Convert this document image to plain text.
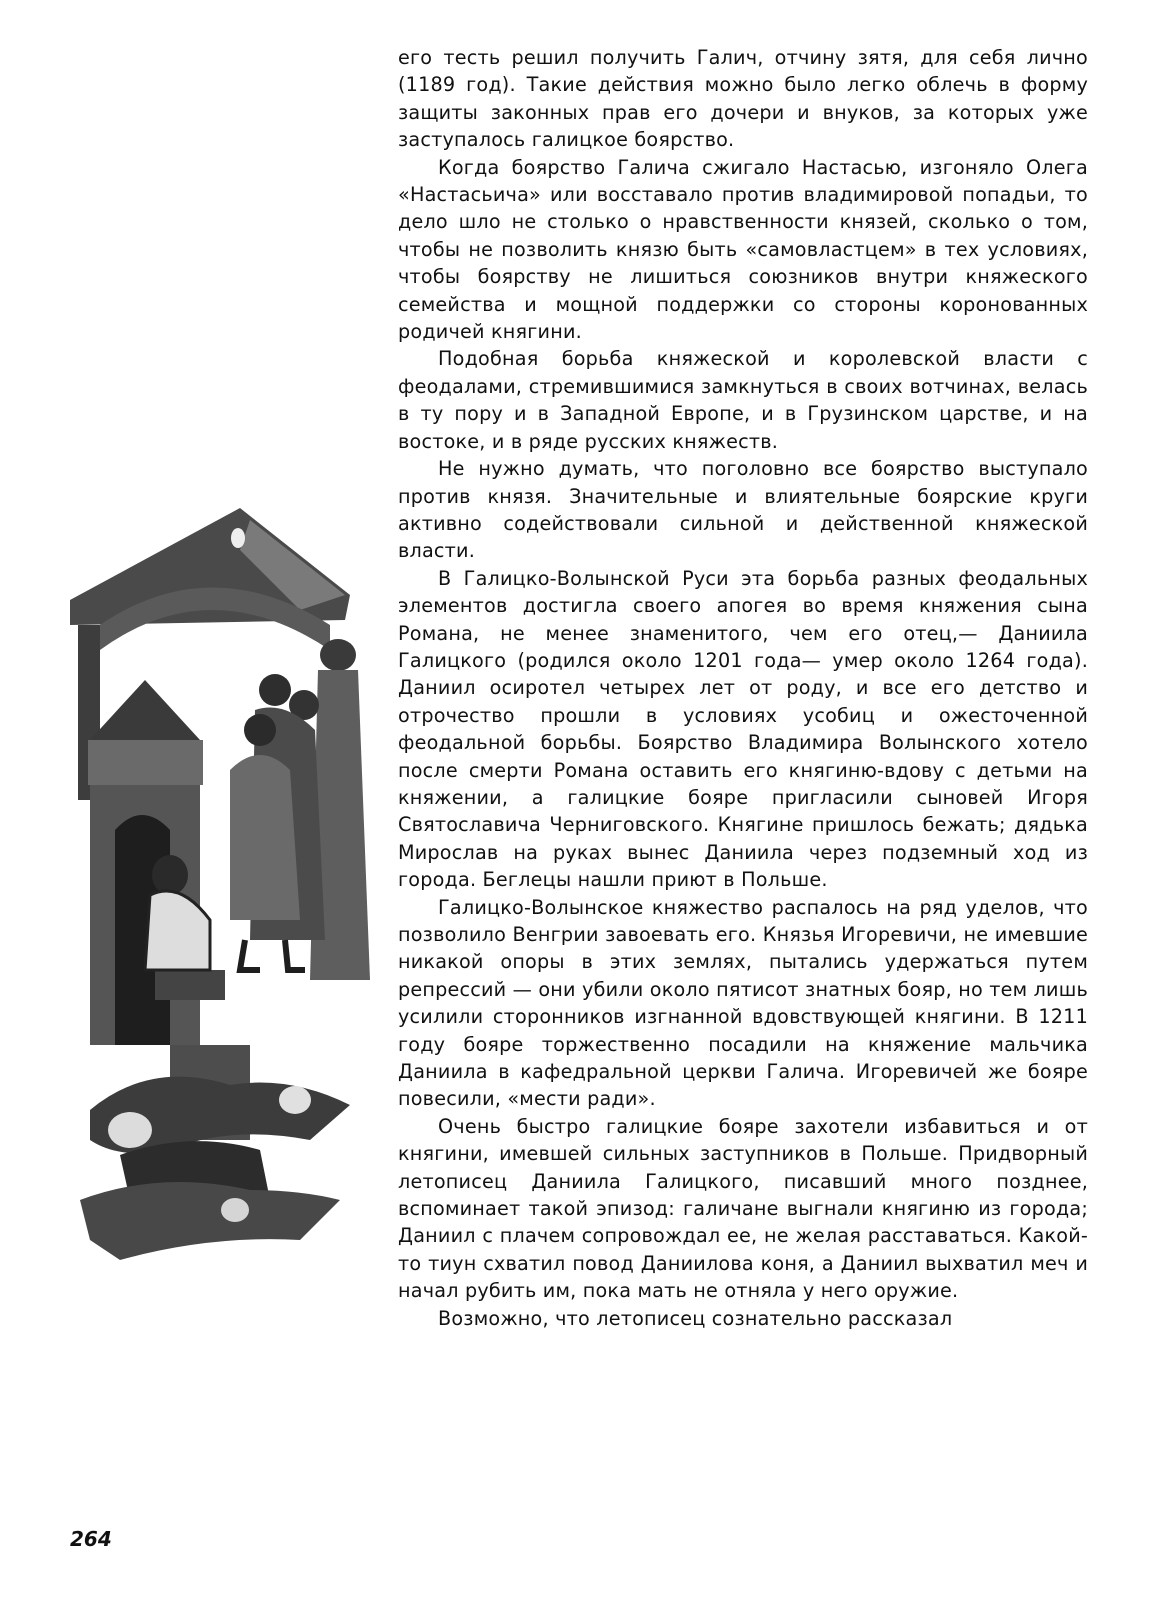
его тесть решил получить Галич, отчину зятя, для себя лично (1189 год). Такие действия можно было легко облечь в форму защиты законных прав его дочери и внуков, за которых уже заступалось галицкое боярство.

Когда боярство Галича сжигало Настасью, изгоняло Олега «Настасьича» или восставало против владимировой попадьи, то дело шло не столько о нравственности князей, сколько о том, чтобы не позволить князю быть «самовластцем» в тех условиях, чтобы боярству не лишиться союзников внутри княжеского семейства и мощной поддержки со стороны коронованных родичей княгини.

Подобная борьба княжеской и королевской власти с феодалами, стремившимися замкнуться в своих вотчинах, велась в ту пору и в Западной Европе, и в Грузинском царстве, и на востоке, и в ряде русских княжеств.

Не нужно думать, что поголовно все боярство выступало против князя. Значительные и влиятельные боярские круги активно содействовали сильной и действенной княжеской власти.

В Галицко-Волынской Руси эта борьба разных феодальных элементов достигла своего апогея во время княжения сына Романа, не менее знаменитого, чем его отец,— Даниила Галицкого (родился около 1201 года— умер около 1264 года). Даниил осиротел четырех лет от роду, и все его детство и отрочество прошли в условиях усобиц и ожесточенной феодальной борьбы. Боярство Владимира Волынского хотело после смерти Романа оставить его княгиню-вдову с детьми на княжении, а галицкие бояре пригласили сыновей Игоря Святославича Черниговского. Княгине пришлось бежать; дядька Мирослав на руках вынес Даниила через подземный ход из города. Беглецы нашли приют в Польше.

Галицко-Волынское княжество распалось на ряд уделов, что позволило Венгрии завоевать его. Князья Игоревичи, не имевшие никакой опоры в этих землях, пытались удержаться путем репрессий — они убили около пятисот знатных бояр, но тем лишь усилили сторонников изгнанной вдовствующей княгини. В 1211 году бояре торжественно посадили на княжение мальчика Даниила в кафедральной церкви Галича. Игоревичей же бояре повесили, «мести ради».

Очень быстро галицкие бояре захотели избавиться и от княгини, имевшей сильных заступников в Польше. Придворный летописец Даниила Галицкого, писавший много позднее, вспоминает такой эпизод: галичане выгнали княгиню из города; Даниил с плачем сопровождал ее, не желая расставаться. Какой-то тиун схватил повод Даниилова коня, а Даниил выхватил меч и начал рубить им, пока мать не отняла у него оружие.

Возможно, что летописец сознательно рассказал

264
